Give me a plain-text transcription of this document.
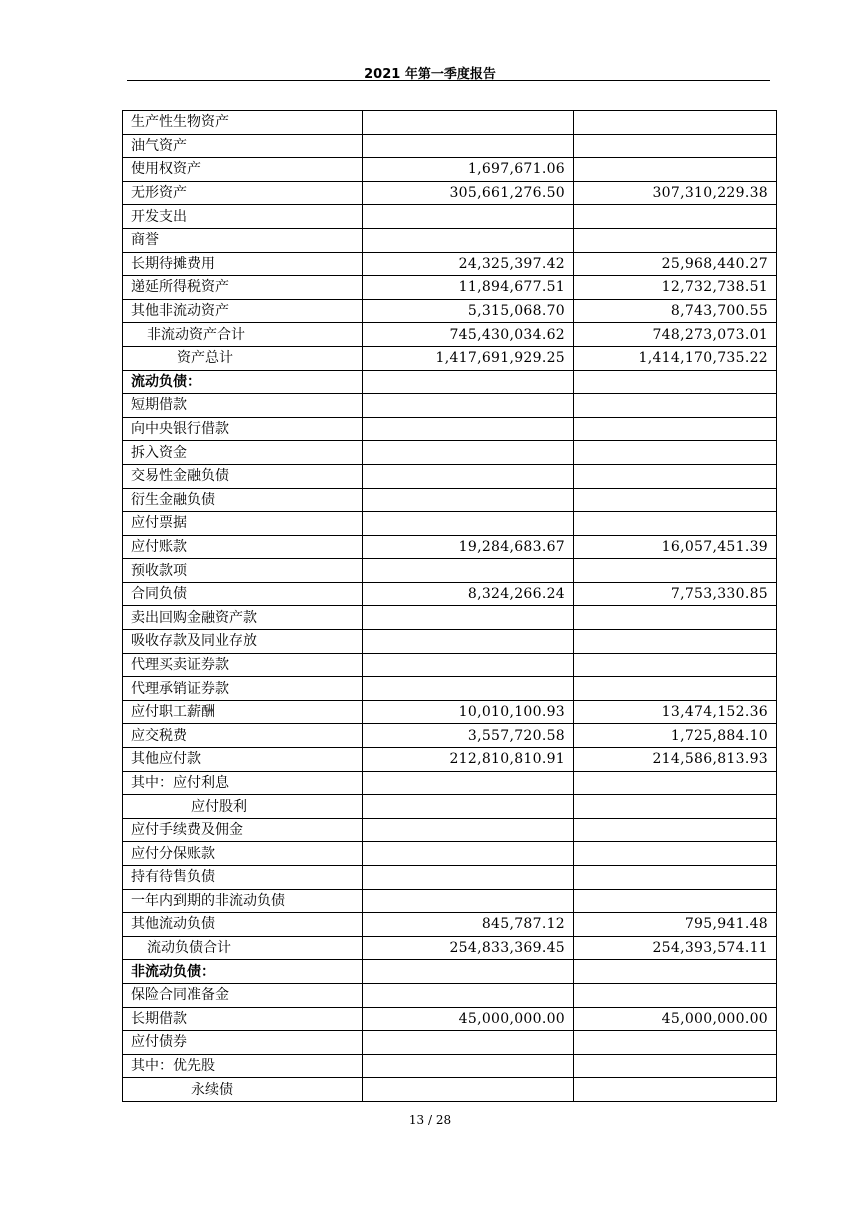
2021 年第一季度报告
生产性生物资产		
油气资产		
使用权资产	1,697,671.06	
无形资产	305,661,276.50	307,310,229.38
开发支出		
商誉		
长期待摊费用	24,325,397.42	25,968,440.27
递延所得税资产	11,894,677.51	12,732,738.51
其他非流动资产	5,315,068.70	8,743,700.55
非流动资产合计	745,430,034.62	748,273,073.01
资产总计	1,417,691,929.25	1,414,170,735.22
流动负债：		
短期借款		
向中央银行借款		
拆入资金		
交易性金融负债		
衍生金融负债		
应付票据		
应付账款	19,284,683.67	16,057,451.39
预收款项		
合同负债	8,324,266.24	7,753,330.85
卖出回购金融资产款		
吸收存款及同业存放		
代理买卖证券款		
代理承销证券款		
应付职工薪酬	10,010,100.93	13,474,152.36
应交税费	3,557,720.58	1,725,884.10
其他应付款	212,810,810.91	214,586,813.93
其中：应付利息		
应付股利		
应付手续费及佣金		
应付分保账款		
持有待售负债		
一年内到期的非流动负债		
其他流动负债	845,787.12	795,941.48
流动负债合计	254,833,369.45	254,393,574.11
非流动负债：		
保险合同准备金		
长期借款	45,000,000.00	45,000,000.00
应付债券		
其中：优先股		
永续债		
13 / 28
